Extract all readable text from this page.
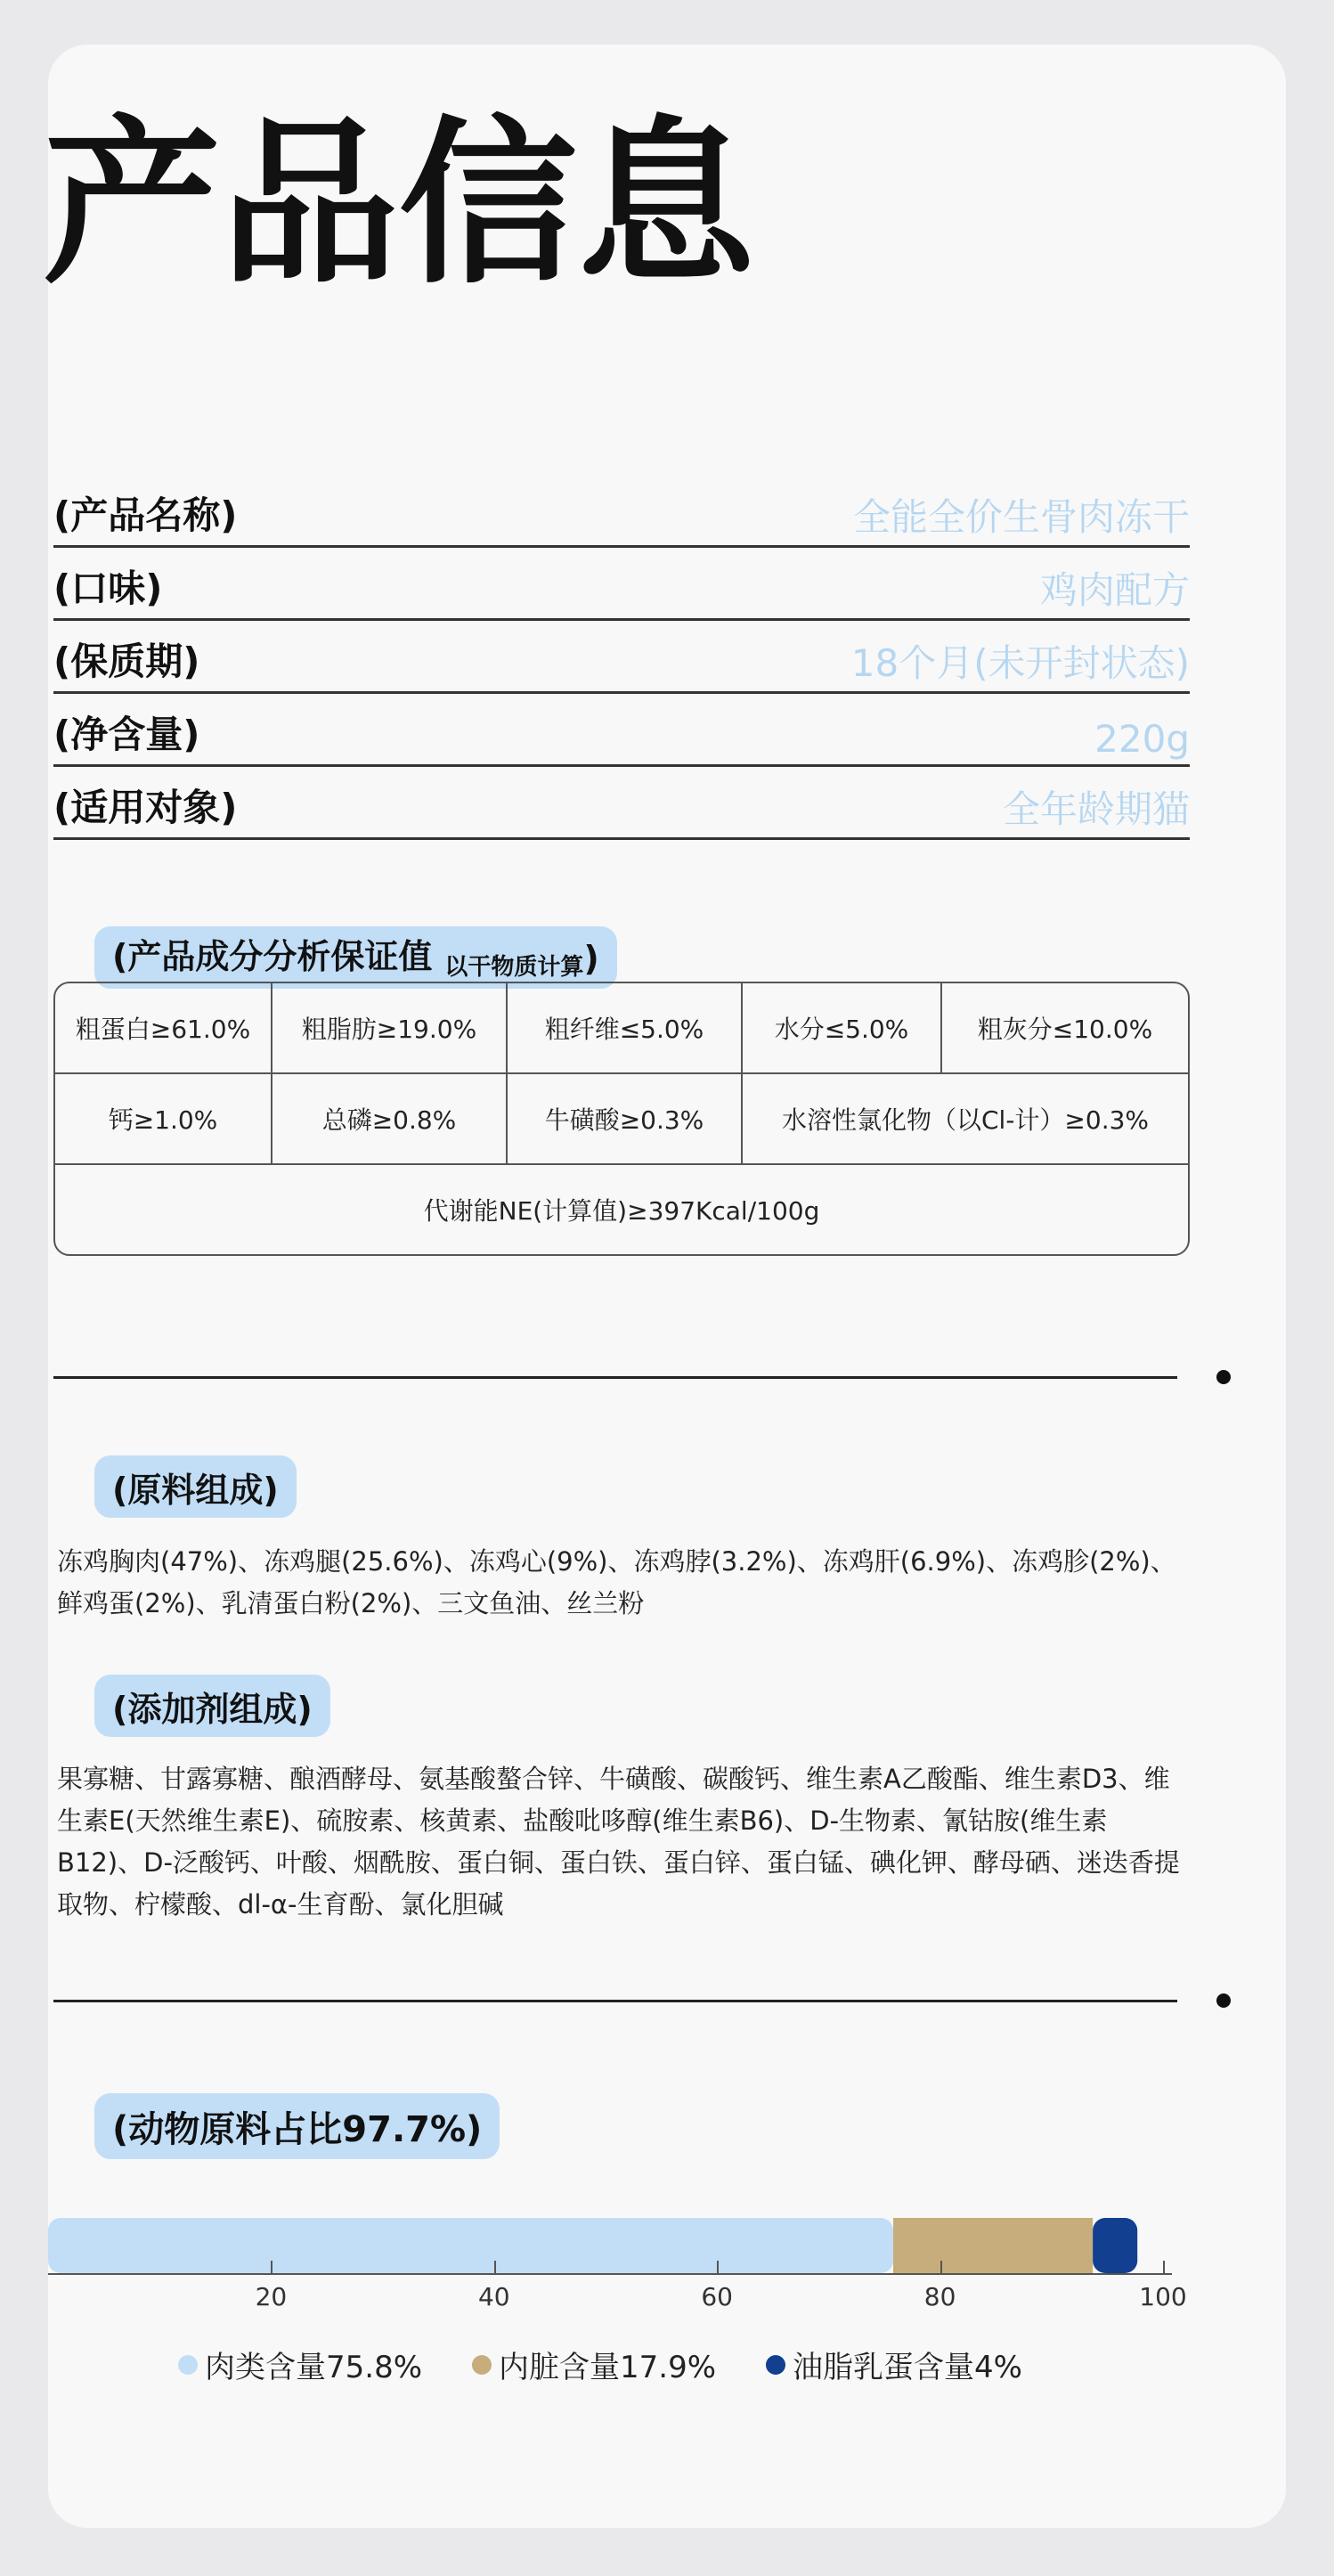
产品信息
(产品名称)	全能全价生骨肉冻干
(口味)	鸡肉配方
(保质期)	18个月(未开封状态)
(净含量)	220g
(适用对象)	全年龄期猫
(产品成分分析保证值 以干物质计算 )
粗蛋白≥61.0%	粗脂肪≥19.0%	粗纤维≤5.0%	水分≤5.0%	粗灰分≤10.0%
钙≥1.0%	总磷≥0.8%	牛磺酸≥0.3%	水溶性氯化物（以Cl-计）≥0.3%	
代谢能NE(计算值)≥397Kcal/100g				
(原料组成)

冻鸡胸肉(47%)、冻鸡腿(25.6%)、冻鸡心(9%)、冻鸡脖(3.2%)、冻鸡肝(6.9%)、冻鸡胗(2%)、鲜鸡蛋(2%)、乳清蛋白粉(2%)、三文鱼油、丝兰粉

(添加剂组成)

果寡糖、甘露寡糖、酿酒酵母、氨基酸螯合锌、牛磺酸、碳酸钙、维生素A乙酸酯、维生素D3、维生素E(天然维生素E)、硫胺素、核黄素、盐酸吡哆醇(维生素B6)、D-生物素、氰钴胺(维生素B12)、D-泛酸钙、叶酸、烟酰胺、蛋白铜、蛋白铁、蛋白锌、蛋白锰、碘化钾、酵母硒、迷迭香提取物、柠檬酸、dl-α-生育酚、氯化胆碱

(动物原料占比97.7%)
20	40	60	80	100
肉类含量75.8%	内脏含量17.9%	油脂乳蛋含量4%
